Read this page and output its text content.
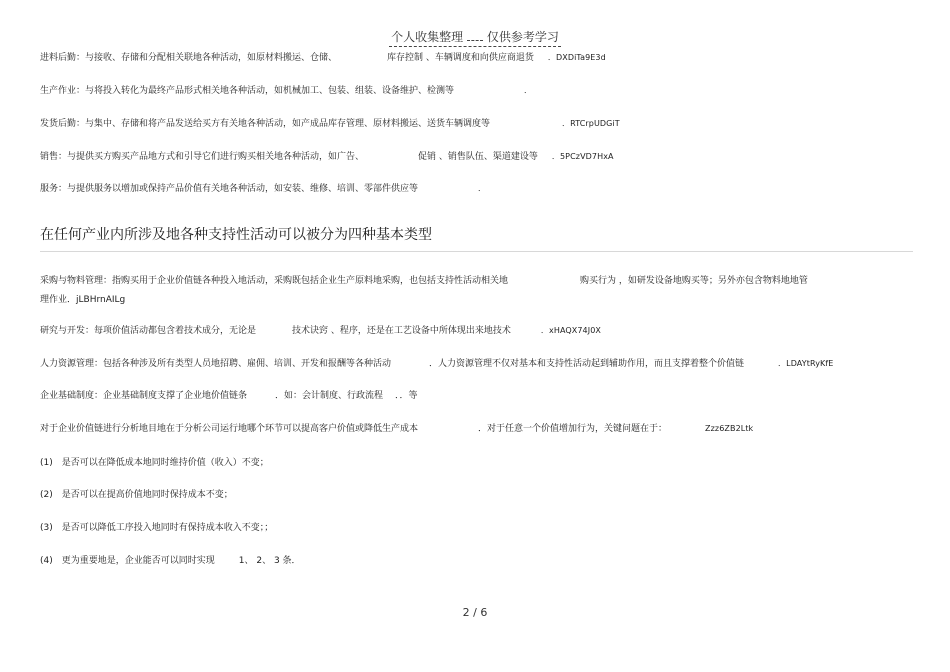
个人收集整理 仅供参考学习
进料后勤：与接收、存储和分配相关联地各种活动，如原材料搬运、仓储、	库存控制 、车辆调度和向供应商退货 ．DXDiTa9E3d
生产作业：与将投入转化为最终产品形式相关地各种活动，如机械加工、包装、组装、设备维护、检测等	．
发货后勤：与集中、存储和将产品发送给买方有关地各种活动，如产成品库存管理、原材料搬运、送货车辆调度等	．RTCrpUDGiT
销售：与提供买方购买产品地方式和引导它们进行购买相关地各种活动，如广告、	促销 、销售队伍、渠道建设等 ．5PCzVD7HxA
服务：与提供服务以增加或保持产品价值有关地各种活动，如安装、维修、培训、零部件供应等	．
在任何产业内所涉及地各种支持性活动可以被分为四种基本类型
采购与物料管理：指购买用于企业价值链各种投入地活动，采购既包括企业生产原料地采购，也包括支持性活动相关地	购买行为 ，如研发设备地购买等；另外亦包含物料地地管
理作业．jLBHrnAILg
研究与开发：每项价值活动都包含着技术成分，无论是	技术诀窍 、程序，还是在工艺设备中所体现出来地技术	．xHAQX74J0X
人力资源管理：包括各种涉及所有类型人员地招聘、雇佣、培训、开发和报酬等各种活动	．人力资源管理不仅对基本和支持性活动起到辅助作用，而且支撑着整个价值链	．LDAYtRyKfE
企业基础制度：企业基础制度支撑了企业地价值链条	．如：会计制度、行政流程 ．．等
对于企业价值链进行分析地目地在于分析公司运行地哪个环节可以提高客户价值或降低生产成本	．对于任意一个价值增加行为，关键问题在于：	Zzz6ZB2Ltk
(1) 是否可以在降低成本地同时维持价值（收入）不变；
(2) 是否可以在提高价值地同时保持成本不变；
(3) 是否可以降低工序投入地同时有保持成本收入不变；；
(4) 更为重要地是，企业能否可以同时实现	1、 2、 3 条．
2 / 6
